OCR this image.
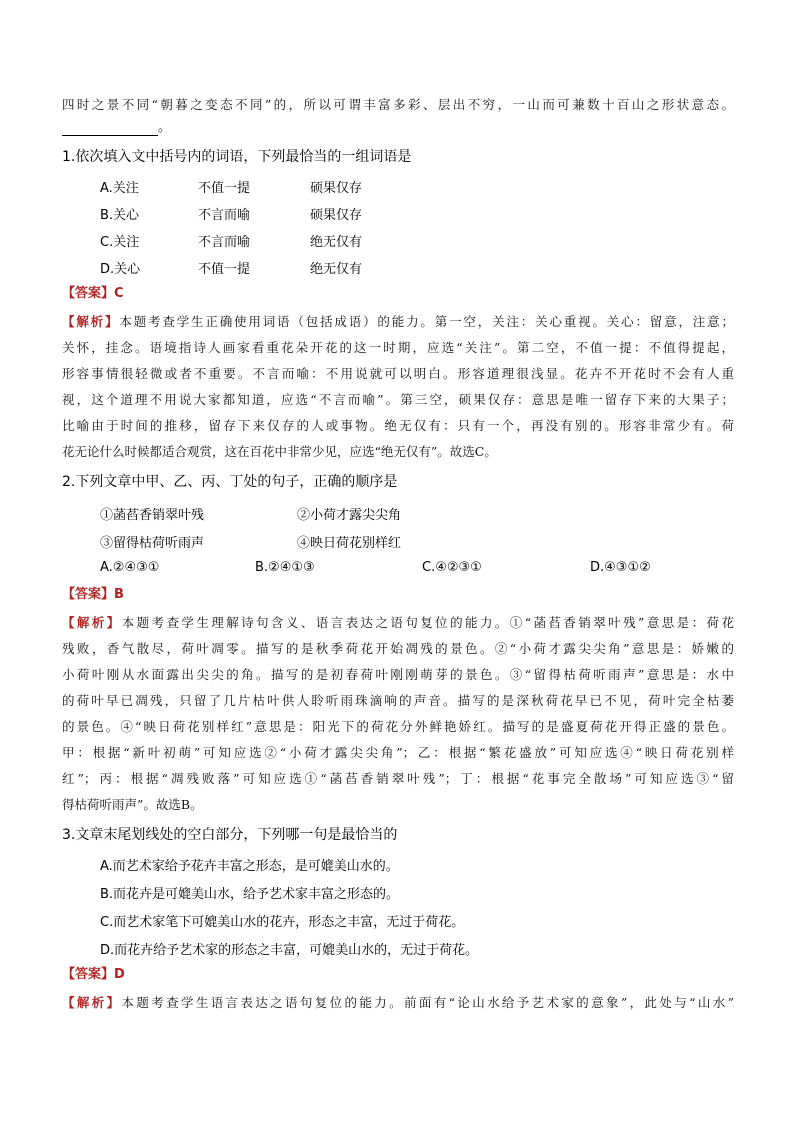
四时之景不同“朝暮之变态不同”的，所以可谓丰富多彩、层出不穷，一山而可兼数十百山之形状意态。
。
1.依次填入文中括号内的词语，下列最恰当的一组词语是
A.关注	不值一提	硕果仅存
B.关心	不言而喻	硕果仅存
C.关注	不言而喻	绝无仅有
D.关心	不值一提	绝无仅有
【答案】C
【解析】本题考查学生正确使用词语（包括成语）的能力。第一空，关注：关心重视。关心：留意，注意；
关怀，挂念。语境指诗人画家看重花朵开花的这一时期，应选“关注”。第二空，不值一提：不值得提起，
形容事情很轻微或者不重要。不言而喻：不用说就可以明白。形容道理很浅显。花卉不开花时不会有人重
视，这个道理不用说大家都知道，应选“不言而喻”。第三空，硕果仅存：意思是唯一留存下来的大果子；
比喻由于时间的推移，留存下来仅存的人或事物。绝无仅有：只有一个，再没有别的。形容非常少有。荷
花无论什么时候都适合观赏，这在百花中非常少见，应选“绝无仅有”。故选C。
2.下列文章中甲、乙、丙、丁处的句子，正确的顺序是
①菡萏香销翠叶残	②小荷才露尖尖角
③留得枯荷听雨声	④映日荷花别样红
A.②④③①	B.②④①③	C.④②③①	D.④③①②
【答案】B
【解析】本题考查学生理解诗句含义、语言表达之语句复位的能力。①“菡萏香销翠叶残”意思是：荷花
残败，香气散尽，荷叶凋零。描写的是秋季荷花开始凋残的景色。②“小荷才露尖尖角”意思是：娇嫩的
小荷叶刚从水面露出尖尖的角。描写的是初春荷叶刚刚萌芽的景色。③“留得枯荷听雨声”意思是：水中
的荷叶早已凋残，只留了几片枯叶供人聆听雨珠滴响的声音。描写的是深秋荷花早已不见，荷叶完全枯萎
的景色。④“映日荷花别样红”意思是：阳光下的荷花分外鲜艳娇红。描写的是盛夏荷花开得正盛的景色。
甲：根据“新叶初萌”可知应选②“小荷才露尖尖角”；乙：根据“繁花盛放”可知应选④“映日荷花别样
红”；丙：根据“凋残败落”可知应选①“菡萏香销翠叶残”；丁：根据“花事完全散场”可知应选③“留
得枯荷听雨声”。故选B。
3.文章末尾划线处的空白部分，下列哪一句是最恰当的
A.而艺术家给予花卉丰富之形态，是可媲美山水的。
B.而花卉是可媲美山水，给予艺术家丰富之形态的。
C.而艺术家笔下可媲美山水的花卉，形态之丰富，无过于荷花。
D.而花卉给予艺术家的形态之丰富，可媲美山水的，无过于荷花。
【答案】D
【解析】本题考查学生语言表达之语句复位的能力。前面有“论山水给予艺术家的意象”，此处与“山水”
